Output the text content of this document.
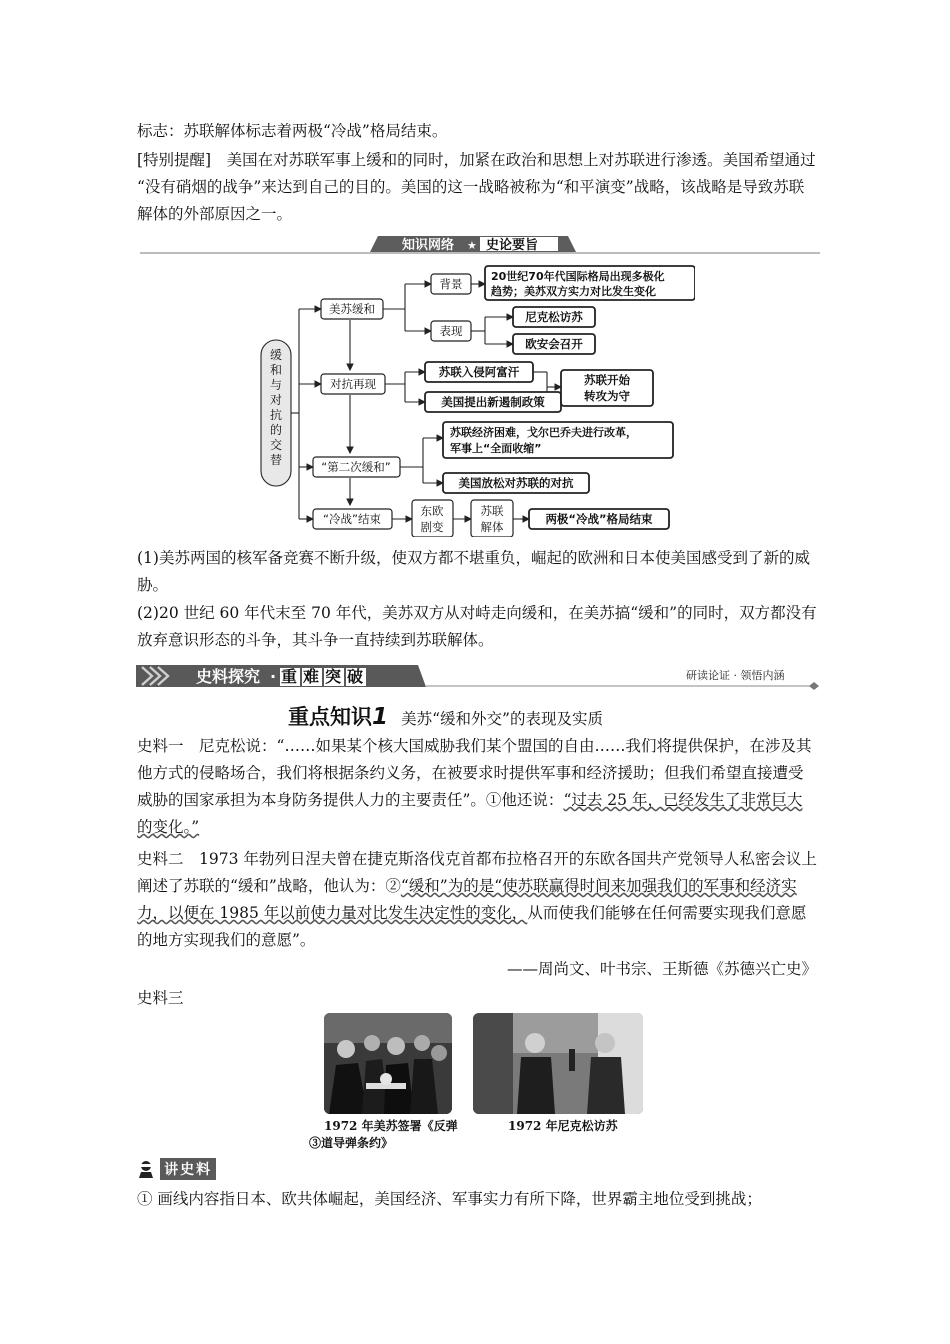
标志：苏联解体标志着两极“冷战”格局结束。
[特别提醒]　美国在对苏联军事上缓和的同时，加紧在政治和思想上对苏联进行渗透。美国希望通过 “没有硝烟的战争”来达到自己的目的。美国的这一战略被称为“和平演变”战略，该战略是导致苏联解体的外部原因之一。
知识网络 ★ 史论要旨
缓和与对抗的交替
美苏缓和
背景
20世纪70年代国际格局出现多极化
趋势；美苏双方实力对比发生变化
表现
尼克松访苏
欧安会召开
对抗再现
苏联入侵阿富汗
美国提出新遏制政策
苏联开始
转攻为守
“第二次缓和”
苏联经济困难，戈尔巴乔夫进行改革，
军事上“全面收缩”
美国放松对苏联的对抗
“冷战”结束
东欧
剧变
苏联
解体
两极“冷战”格局结束
(1)美苏两国的核军备竞赛不断升级，使双方都不堪重负，崛起的欧洲和日本使美国感受到了新的威胁。
(2)20 世纪 60 年代末至 70 年代，美苏双方从对峙走向缓和，在美苏搞“缓和”的同时，双方都没有放弃意识形态的斗争，其斗争一直持续到苏联解体。
史料探究 · 重难突破	研读论证 · 领悟内涵
重点知识1 美苏“缓和外交”的表现及实质
史料一　尼克松说：“……如果某个核大国威胁我们某个盟国的自由……我们将提供保护，在涉及其他方式的侵略场合，我们将根据条约义务，在被要求时提供军事和经济援助；但我们希望直接遭受威胁的国家承担为本身防务提供人力的主要责任”。①他还说：“过去 25 年，已经发生了非常巨大的变化。”
史料二　1973 年勃列日涅夫曾在捷克斯洛伐克首都布拉格召开的东欧各国共产党领导人私密会议上阐述了苏联的“缓和”战略，他认为：②“缓和”为的是“使苏联赢得时间来加强我们的军事和经济实力，以便在 1985 年以前使力量对比发生决定性的变化，从而使我们能够在任何需要实现我们意愿的地方实现我们的意愿”。
——周尚文、叶书宗、王斯德《苏德兴亡史》
史料三
1972 年美苏签署《反弹
③道导弹条约》
1972 年尼克松访苏
讲史料
① 画线内容指日本、欧共体崛起，美国经济、军事实力有所下降，世界霸主地位受到挑战；
